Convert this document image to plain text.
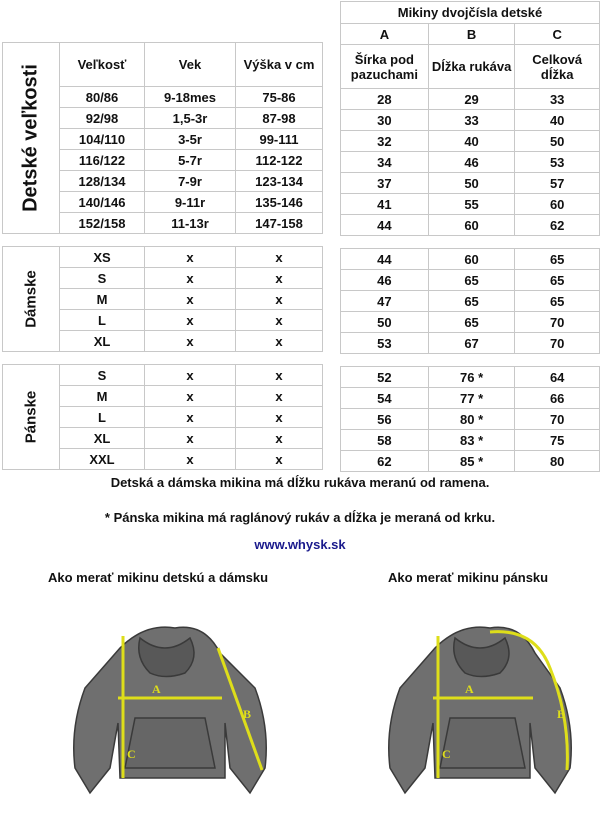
Detské veľkosti	Veľkosť	Vek	Výška v cm
	80/86	9-18mes	75-86
	92/98	1,5-3r	87-98
	104/110	3-5r	99-111
	116/122	5-7r	112-122
	128/134	7-9r	123-134
	140/146	9-11r	135-146
	152/158	11-13r	147-158

Dámske	XS	x	x
	S	x	x
	M	x	x
	L	x	x
	XL	x	x

Pánske	S	x	x
	M	x	x
	L	x	x
	XL	x	x
	XXL	x	x
Mikiny dvojčísla detské		
A	B	C
Šírka pod pazuchami	Dĺžka rukáva	Celková dĺžka
28	29	33
30	33	40
32	40	50
34	46	53
37	50	57
41	55	60
44	60	62

44	60	65
46	65	65
47	65	65
50	65	70
53	67	70

52	76 *	64
54	77 *	66
56	80 *	70
58	83 *	75
62	85 *	80
Detská a dámska mikina má dĺžku rukáva meranú od ramena.
* Pánska mikina má raglánový rukáv a dĺžka je meraná od krku.
www.whysk.sk
Ako merať mikinu detskú a dámsku	Ako merať mikinu pánsku
A
B
C
A
B
C
